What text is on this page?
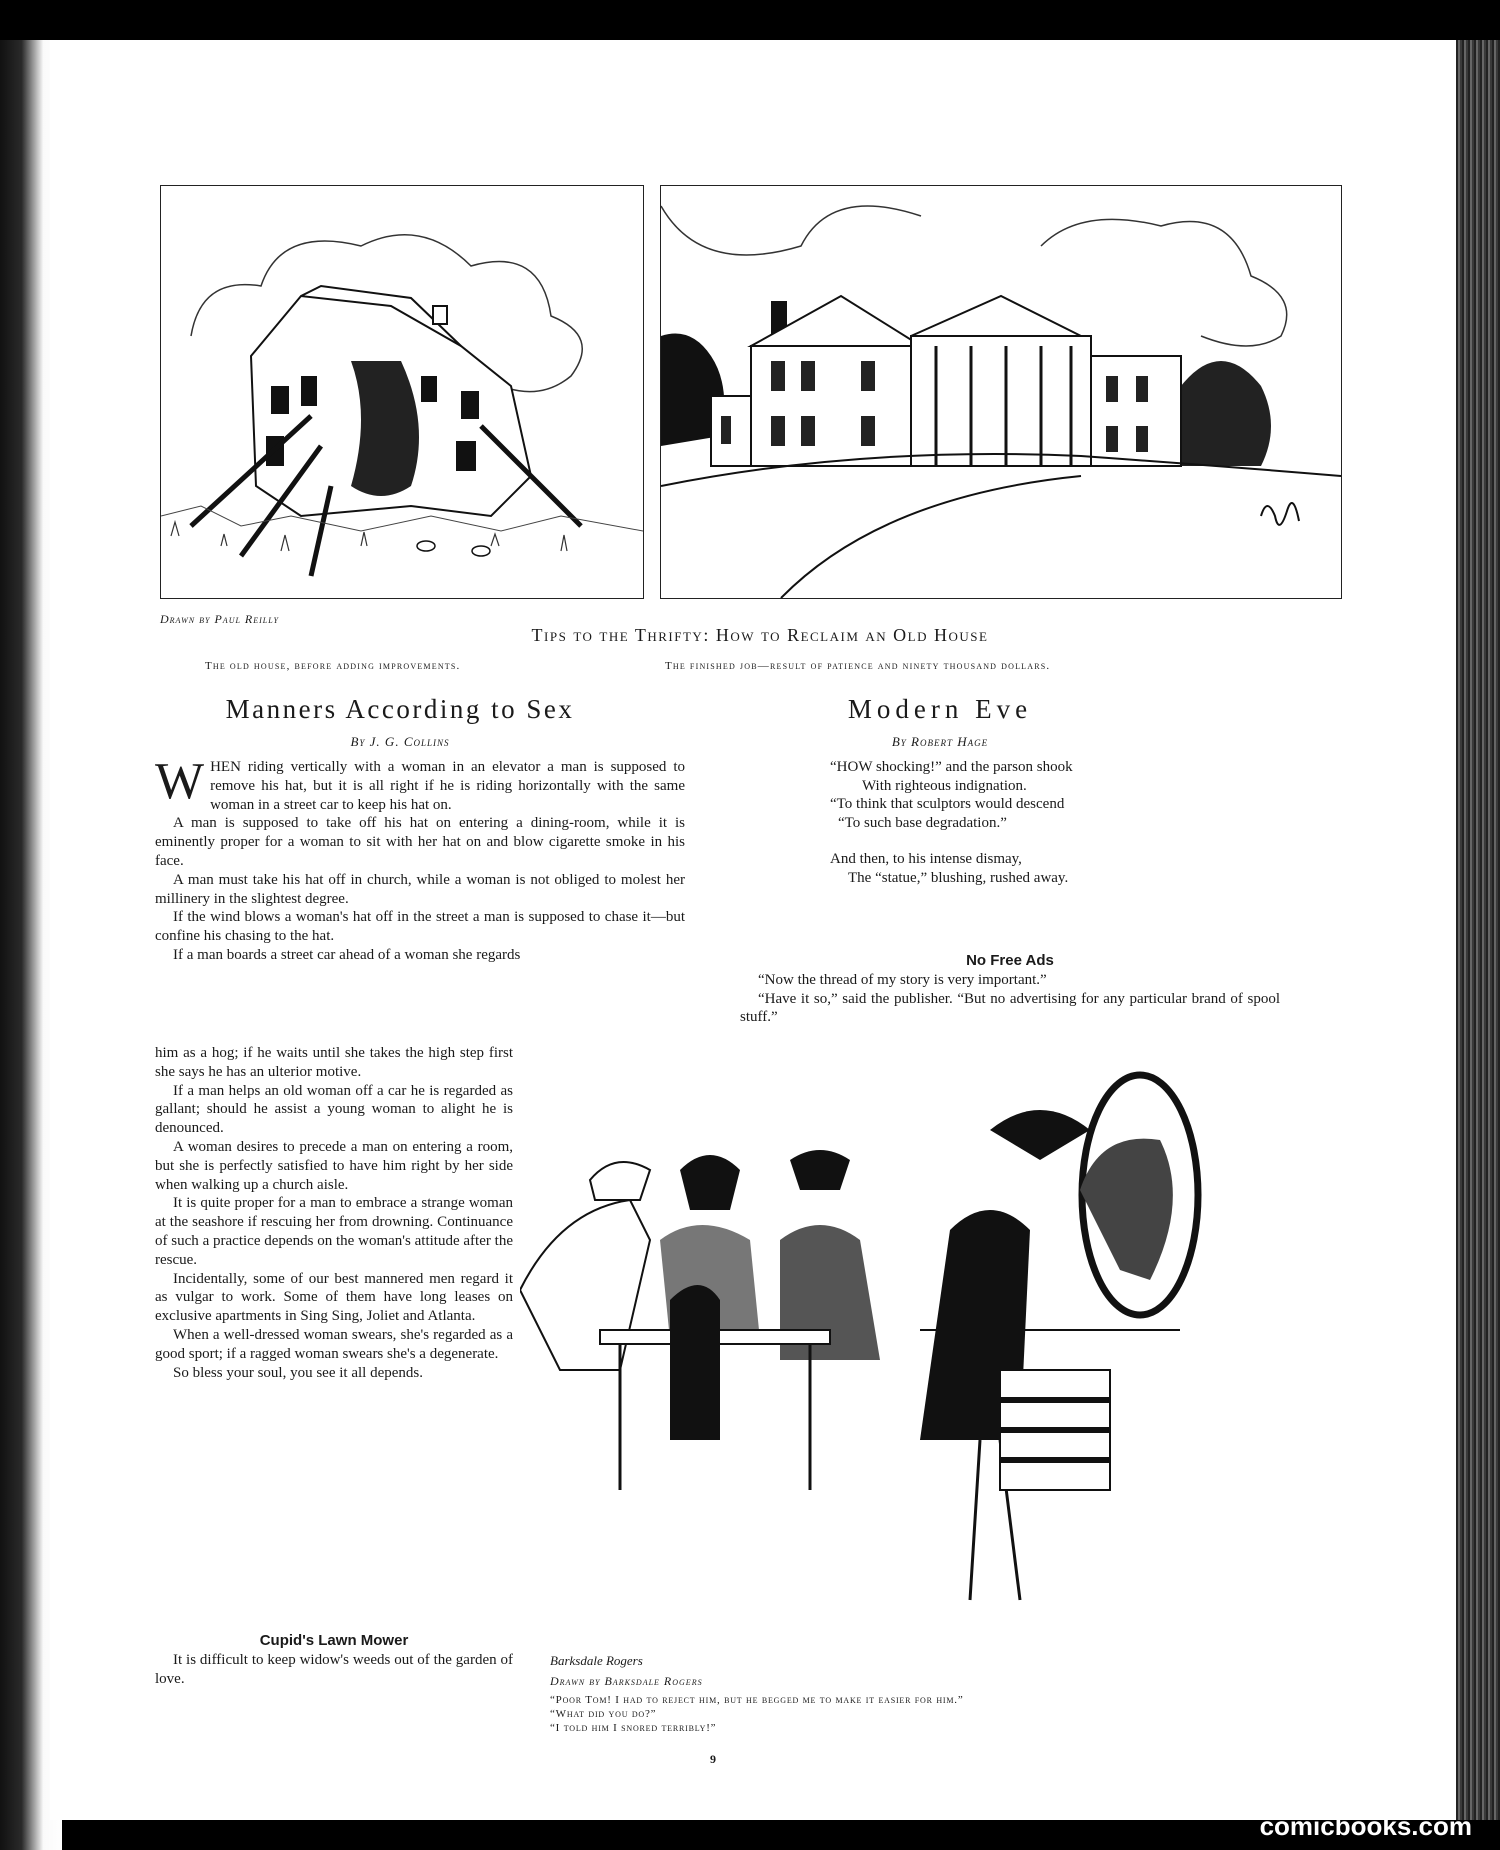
Drawn by Paul Reilly
Tips to the Thrifty: How to Reclaim an Old House
The old house, before adding improvements.	The finished job—result of patience and ninety thousand dollars.
Manners According to Sex
By J. G. Collins

WHEN riding vertically with a woman in an elevator a man is supposed to remove his hat, but it is all right if he is riding horizontally with the same woman in a street car to keep his hat on.

A man is supposed to take off his hat on entering a dining-room, while it is eminently proper for a woman to sit with her hat on and blow cigarette smoke in his face.

A man must take his hat off in church, while a woman is not obliged to molest her millinery in the slightest degree.

If the wind blows a woman's hat off in the street a man is supposed to chase it—but confine his chasing to the hat.

If a man boards a street car ahead of a woman she regards

him as a hog; if he waits until she takes the high step first she says he has an ulterior motive.

If a man helps an old woman off a car he is regarded as gallant; should he assist a young woman to alight he is denounced.

A woman desires to precede a man on entering a room, but she is perfectly satisfied to have him right by her side when walking up a church aisle.

It is quite proper for a man to embrace a strange woman at the seashore if rescuing her from drowning. Continuance of such a practice depends on the woman's attitude after the rescue.

Incidentally, some of our best mannered men regard it as vulgar to work. Some of them have long leases on exclusive apartments in Sing Sing, Joliet and Atlanta.

When a well-dressed woman swears, she's regarded as a good sport; if a ragged woman swears she's a degenerate.

So bless your soul, you see it all depends.

Cupid's Lawn Mower

It is difficult to keep widow's weeds out of the garden of love.

Modern Eve
By Robert Hage
“HOW shocking!” and the parson shook
With righteous indignation.
“To think that sculptors would descend
“To such base degradation.”
And then, to his intense dismay,
The “statue,” blushing, rushed away.
No Free Ads

“Now the thread of my story is very important.”

“Have it so,” said the publisher. “But no advertising for any particular brand of spool stuff.”

Barksdale Rogers
Drawn by Barksdale Rogers
“Poor Tom! I had to reject him, but he begged me to make it easier for him.”
“What did you do?”
“I told him I snored terribly!”
9
comicbooks.com
